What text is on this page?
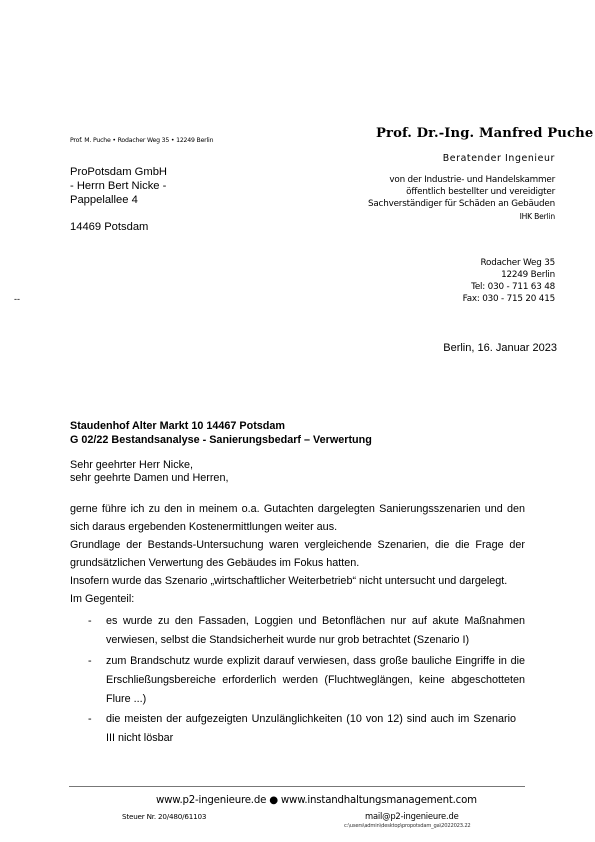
--
Prof. M. Puche • Rodacher Weg 35 • 12249 Berlin	Prof. Dr.-Ing. Manfred Puche
Beratender Ingenieur
von der Industrie- und Handelskammer
öffentlich bestellter und vereidigter
Sachverständiger für Schäden an Gebäuden
IHK Berlin
Rodacher Weg 35
12249 Berlin
Tel: 030 - 711 63 48
Fax: 030 - 715 20 415
ProPotsdam GmbH
- Herrn Bert Nicke -
Pappelallee 4
14469 Potsdam
Berlin, 16. Januar 2023
Staudenhof Alter Markt 10 14467 Potsdam
G 02/22 Bestandsanalyse - Sanierungsbedarf – Verwertung
Sehr geehrter Herr Nicke,
sehr geehrte Damen und Herren,
gerne führe ich zu den in meinem o.a. Gutachten dargelegten Sanierungsszenarien und den sich daraus ergebenden Kostenermittlungen weiter aus.
Grundlage der Bestands-Untersuchung waren vergleichende Szenarien, die die Frage der grundsätzlichen Verwertung des Gebäudes im Fokus hatten.
Insofern wurde das Szenario „wirtschaftlicher Weiterbetrieb“ nicht untersucht und dargelegt.
Im Gegenteil:
- es wurde zu den Fassaden, Loggien und Betonflächen nur auf akute Maßnahmen verwiesen, selbst die Standsicherheit wurde nur grob betrachtet (Szenario I)
- zum Brandschutz wurde explizit darauf verwiesen, dass große bauliche Eingriffe in die Erschließungsbereiche erforderlich werden (Fluchtweglängen, keine abgeschotteten Flure ...)
- die meisten der aufgezeigten Unzulänglichkeiten (10 von 12) sind auch im Szenario III nicht lösbar
www.p2-ingenieure.de ● www.instandhaltungsmanagement.com
Steuer Nr. 20/480/61103	mail@p2-ingenieure.de
c:\users\admin\desktop\propotsdam_ga\2022023.22
